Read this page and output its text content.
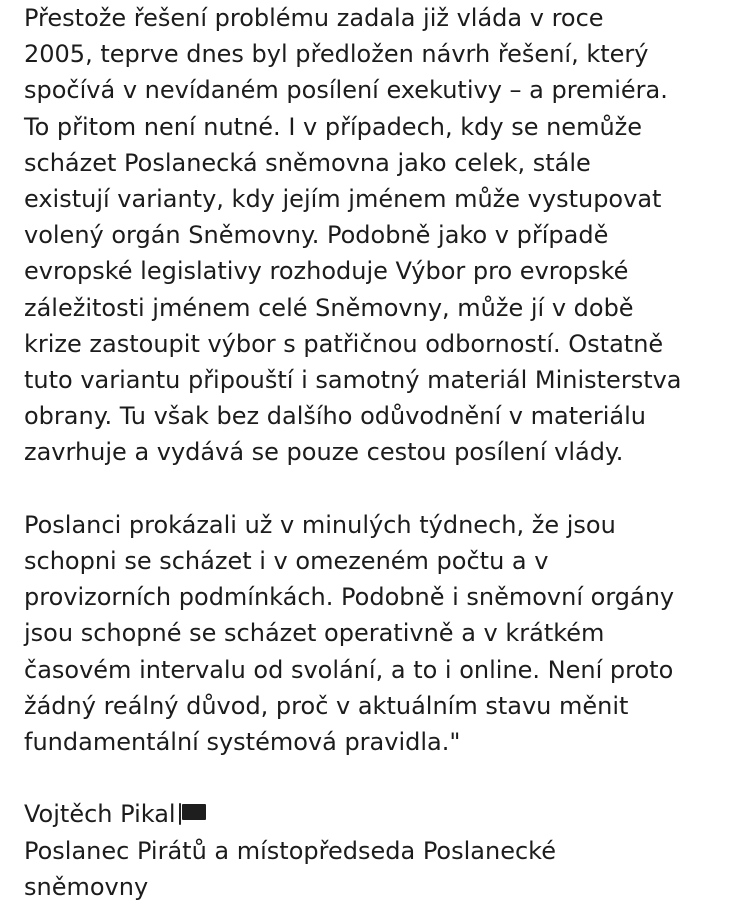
Přestože řešení problému zadala již vláda v roce
2005, teprve dnes byl předložen návrh řešení, který
spočívá v nevídaném posílení exekutivy – a premiéra.
To přitom není nutné. I v případech, kdy se nemůže
scházet Poslanecká sněmovna jako celek, stále
existují varianty, kdy jejím jménem může vystupovat
volený orgán Sněmovny. Podobně jako v případě
evropské legislativy rozhoduje Výbor pro evropské
záležitosti jménem celé Sněmovny, může jí v době
krize zastoupit výbor s patřičnou odborností. Ostatně
tuto variantu připouští i samotný materiál Ministerstva
obrany. Tu však bez dalšího odůvodnění v materiálu
zavrhuje a vydává se pouze cestou posílení vlády.
Poslanci prokázali už v minulých týdnech, že jsou
schopni se scházet i v omezeném počtu a v
provizorních podmínkách. Podobně i sněmovní orgány
jsou schopné se scházet operativně a v krátkém
časovém intervalu od svolání, a to i online. Není proto
žádný reálný důvod, proč v aktuálním stavu měnit
fundamentální systémová pravidla."
Vojtěch Pikal
Poslanec Pirátů a místopředseda Poslanecké
sněmovny
